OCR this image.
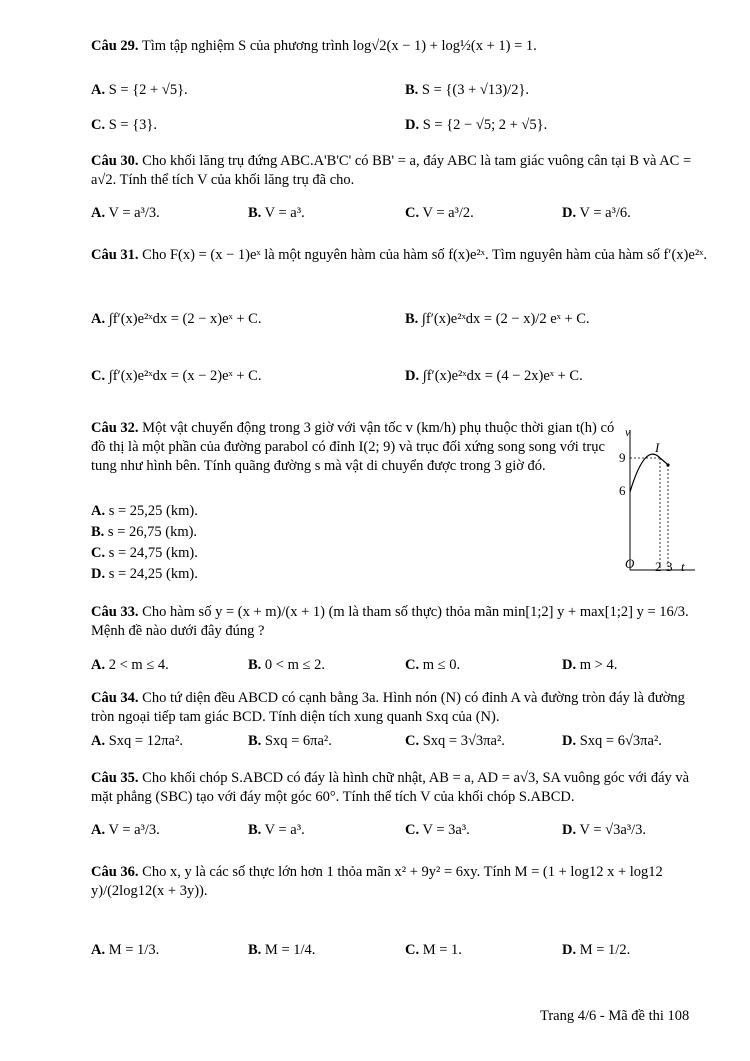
Câu 29. Tìm tập nghiệm S của phương trình log√2(x − 1) + log½(x + 1) = 1.
A. S = {2 + √5}.	B. S = {(3 + √13)/2}.
C. S = {3}.	D. S = {2 − √5; 2 + √5}.
Câu 30. Cho khối lăng trụ đứng ABC.A'B'C' có BB' = a, đáy ABC là tam giác vuông cân tại B và AC = a√2. Tính thể tích V của khối lăng trụ đã cho.
A. V = a³/3.	B. V = a³.	C. V = a³/2.	D. V = a³/6.
Câu 31. Cho F(x) = (x − 1)eˣ là một nguyên hàm của hàm số f(x)e²ˣ. Tìm nguyên hàm của hàm số f′(x)e²ˣ.
A. ∫f′(x)e²ˣdx = (2 − x)eˣ + C.	B. ∫f′(x)e²ˣdx = (2 − x)/2 eˣ + C.
C. ∫f′(x)e²ˣdx = (x − 2)eˣ + C.	D. ∫f′(x)e²ˣdx = (4 − 2x)eˣ + C.
Câu 32. Một vật chuyển động trong 3 giờ với vận tốc v (km/h) phụ thuộc thời gian t(h) có đồ thị là một phần của đường parabol có đỉnh I(2; 9) và trục đối xứng song song với trục tung như hình bên. Tính quãng đường s mà vật di chuyển được trong 3 giờ đó.
A. s = 25,25 (km).
B. s = 26,75 (km).
C. s = 24,75 (km).
D. s = 24,25 (km).
v
I
9
6
O 2 3 t
Câu 33. Cho hàm số y = (x + m)/(x + 1) (m là tham số thực) thỏa mãn min[1;2] y + max[1;2] y = 16/3. Mệnh đề nào dưới đây đúng ?
A. 2 < m ≤ 4.	B. 0 < m ≤ 2.	C. m ≤ 0.	D. m > 4.
Câu 34. Cho tứ diện đều ABCD có cạnh bằng 3a. Hình nón (N) có đỉnh A và đường tròn đáy là đường tròn ngoại tiếp tam giác BCD. Tính diện tích xung quanh Sxq của (N).
A. Sxq = 12πa².	B. Sxq = 6πa².	C. Sxq = 3√3πa².	D. Sxq = 6√3πa².
Câu 35. Cho khối chóp S.ABCD có đáy là hình chữ nhật, AB = a, AD = a√3, SA vuông góc với đáy và mặt phẳng (SBC) tạo với đáy một góc 60°. Tính thể tích V của khối chóp S.ABCD.
A. V = a³/3.	B. V = a³.	C. V = 3a³.	D. V = √3a³/3.
Câu 36. Cho x, y là các số thực lớn hơn 1 thỏa mãn x² + 9y² = 6xy. Tính M = (1 + log12 x + log12 y)/(2log12(x + 3y)).
A. M = 1/3.	B. M = 1/4.	C. M = 1.	D. M = 1/2.
Trang 4/6 - Mã đề thi 108
